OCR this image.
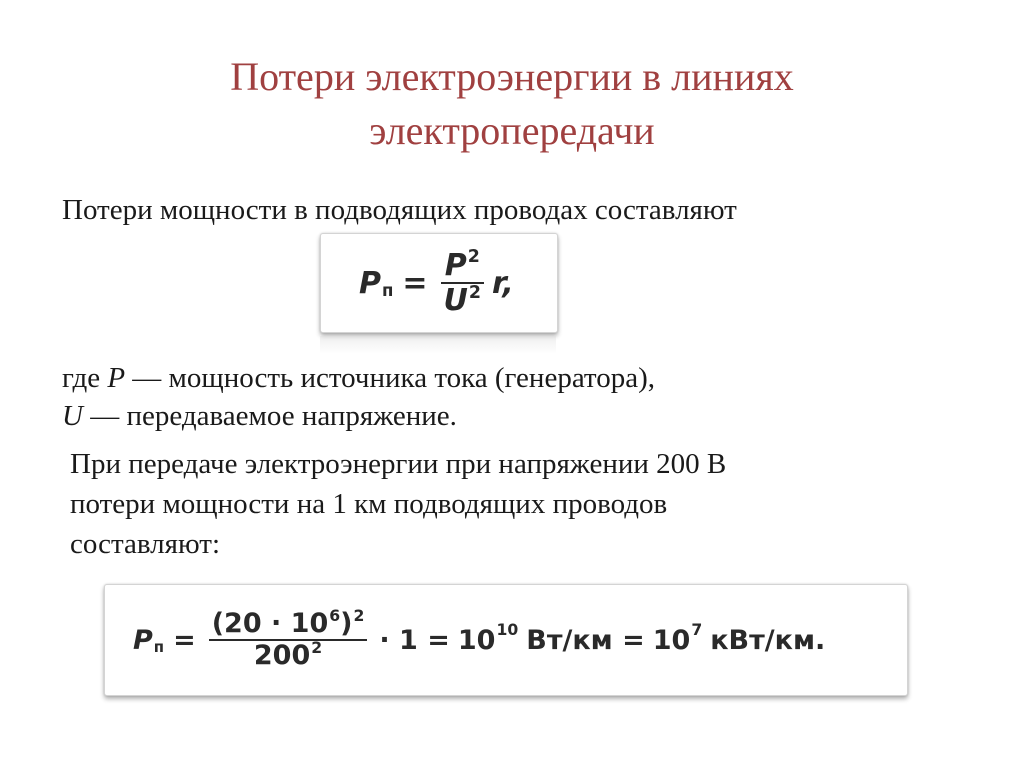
Потери электроэнергии в линиях
электропередачи
Потери мощности в подводящих проводах составляют
P $п = \frac{P^2}{U^2} r$,
где P — мощность источника тока (генератора),
U — передаваемое напряжение.
При передаче электроэнергии при напряжении 200 В
потери мощности на 1 км подводящих проводов
составляют:
P $п = \frac{(20 \cdot 10^6)^2}{200^2} \cdot 1 = 10$ 10 Вт/км = 10 7 кВт/км.
